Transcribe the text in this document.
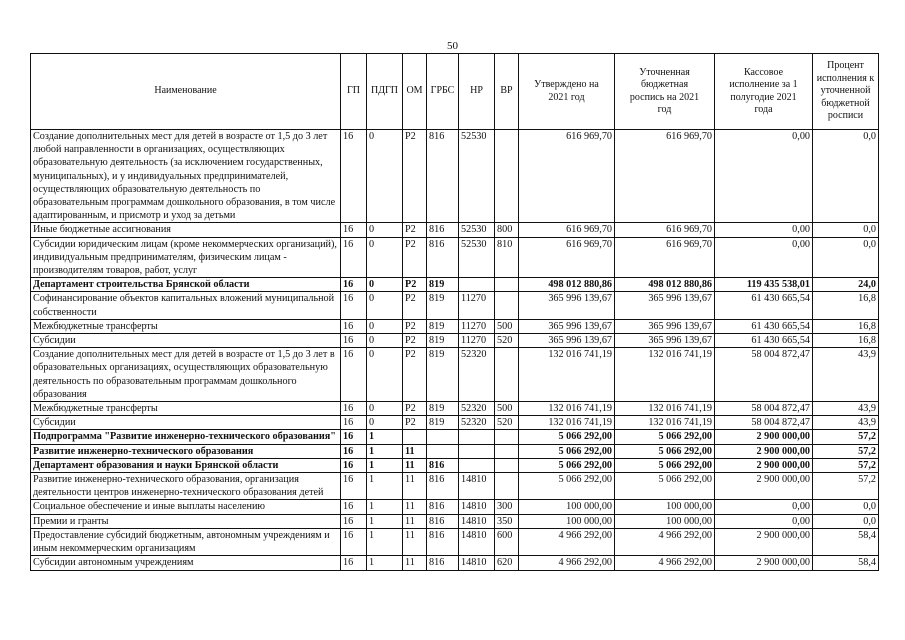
50
Наименование	ГП	ПДГП	ОМ	ГРБС	НР	ВР	Утверждено на 2021 год	Уточненная бюджетная роспись на 2021 год	Кассовое исполнение за 1 полугодие 2021 года	Процент исполнения к уточненной бюджетной росписи
Создание дополнительных мест для детей в возрасте от 1,5 до 3 лет любой направленности в организациях, осуществляющих образовательную деятельность (за исключением государственных, муниципальных), и у индивидуальных предпринимателей, осуществляющих образовательную деятельность по образовательным программам дошкольного образования, в том числе адаптированным, и присмотр и уход за детьми	16	0	P2	816	52530		616 969,70	616 969,70	0,00	0,0
Иные бюджетные ассигнования	16	0	P2	816	52530	800	616 969,70	616 969,70	0,00	0,0
Субсидии юридическим лицам (кроме некоммерческих организаций), индивидуальным предпринимателям, физическим лицам - производителям товаров, работ, услуг	16	0	P2	816	52530	810	616 969,70	616 969,70	0,00	0,0
Департамент строительства Брянской области	16	0	P2	819			498 012 880,86	498 012 880,86	119 435 538,01	24,0
Софинансирование объектов капитальных вложений муниципальной собственности	16	0	P2	819	11270		365 996 139,67	365 996 139,67	61 430 665,54	16,8
Межбюджетные трансферты	16	0	P2	819	11270	500	365 996 139,67	365 996 139,67	61 430 665,54	16,8
Субсидии	16	0	P2	819	11270	520	365 996 139,67	365 996 139,67	61 430 665,54	16,8
Создание дополнительных мест для детей в возрасте от 1,5 до 3 лет в образовательных организациях, осуществляющих образовательную деятельность по образовательным программам дошкольного образования	16	0	P2	819	52320		132 016 741,19	132 016 741,19	58 004 872,47	43,9
Межбюджетные трансферты	16	0	P2	819	52320	500	132 016 741,19	132 016 741,19	58 004 872,47	43,9
Субсидии	16	0	P2	819	52320	520	132 016 741,19	132 016 741,19	58 004 872,47	43,9
Подпрограмма "Развитие инженерно-технического образования"	16	1					5 066 292,00	5 066 292,00	2 900 000,00	57,2
Развитие инженерно-технического образования	16	1	11				5 066 292,00	5 066 292,00	2 900 000,00	57,2
Департамент образования и науки Брянской области	16	1	11	816			5 066 292,00	5 066 292,00	2 900 000,00	57,2
Развитие инженерно-технического образования, организация деятельности центров инженерно-технического образования детей	16	1	11	816	14810		5 066 292,00	5 066 292,00	2 900 000,00	57,2
Социальное обеспечение и иные выплаты населению	16	1	11	816	14810	300	100 000,00	100 000,00	0,00	0,0
Премии и гранты	16	1	11	816	14810	350	100 000,00	100 000,00	0,00	0,0
Предоставление субсидий бюджетным, автономным учреждениям и иным некоммерческим организациям	16	1	11	816	14810	600	4 966 292,00	4 966 292,00	2 900 000,00	58,4
Субсидии автономным учреждениям	16	1	11	816	14810	620	4 966 292,00	4 966 292,00	2 900 000,00	58,4
